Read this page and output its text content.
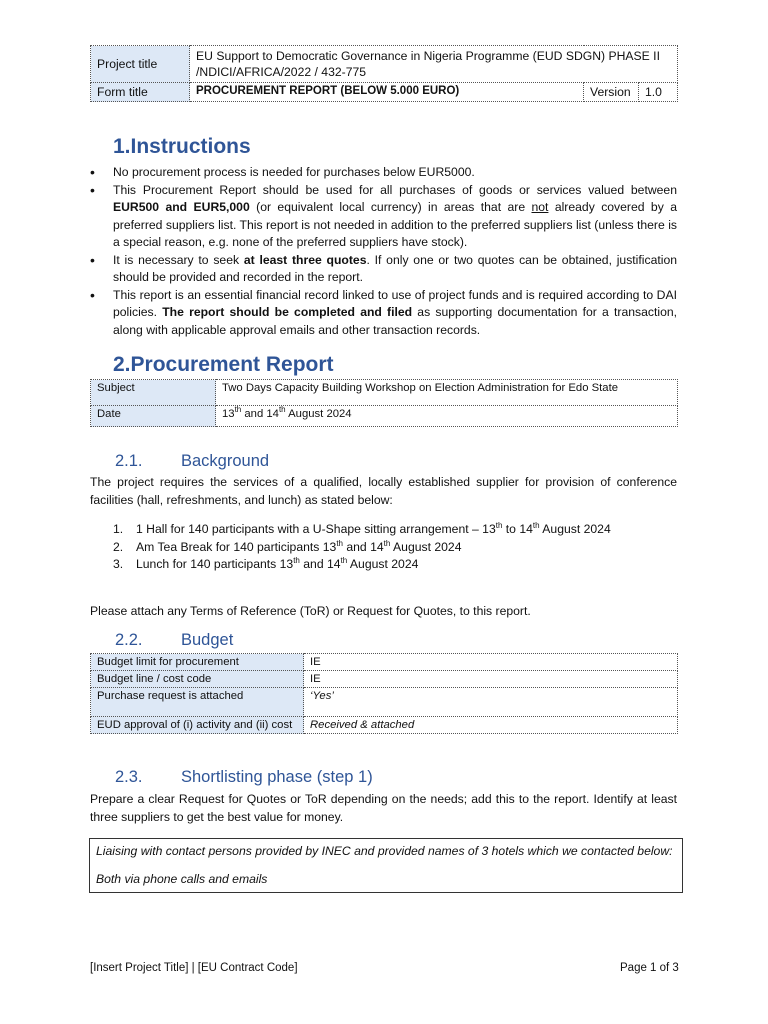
Project title	EU Support to Democratic Governance in Nigeria Programme (EUD SDGN) PHASE II /NDICI/AFRICA/2022 / 432-775		
Form title	PROCUREMENT REPORT (BELOW 5.000 EURO)	Version	1.0
1.Instructions
• No procurement process is needed for purchases below EUR5000.
• This Procurement Report should be used for all purchases of goods or services valued between EUR500 and EUR5,000 (or equivalent local currency) in areas that are not already covered by a preferred suppliers list. This report is not needed in addition to the preferred suppliers list (unless there is a special reason, e.g. none of the preferred suppliers have stock).
• It is necessary to seek at least three quotes. If only one or two quotes can be obtained, justification should be provided and recorded in the report.
• This report is an essential financial record linked to use of project funds and is required according to DAI policies. The report should be completed and filed as supporting documentation for a transaction, along with applicable approval emails and other transaction records.
2.Procurement Report
Subject	Two Days Capacity Building Workshop on Election Administration for Edo State
Date	13th and 14th August 2024
2.1. Background
The project requires the services of a qualified, locally established supplier for provision of conference facilities (hall, refreshments, and lunch) as stated below:
1. 1 Hall for 140 participants with a U-Shape sitting arrangement – 13th to 14th August 2024
2. Am Tea Break for 140 participants 13th and 14th August 2024
3. Lunch for 140 participants 13th and 14th August 2024
Please attach any Terms of Reference (ToR) or Request for Quotes, to this report.
2.2. Budget
Budget limit for procurement	IE
Budget line / cost code	IE
Purchase request is attached	‘Yes’
EUD approval of (i) activity and (ii) cost	Received & attached
2.3. Shortlisting phase (step 1)
Prepare a clear Request for Quotes or ToR depending on the needs; add this to the report. Identify at least three suppliers to get the best value for money.
Liaising with contact persons provided by INEC and provided names of 3 hotels which we contacted below:
Both via phone calls and emails
[Insert Project Title] | [EU Contract Code]	Page 1 of 3
